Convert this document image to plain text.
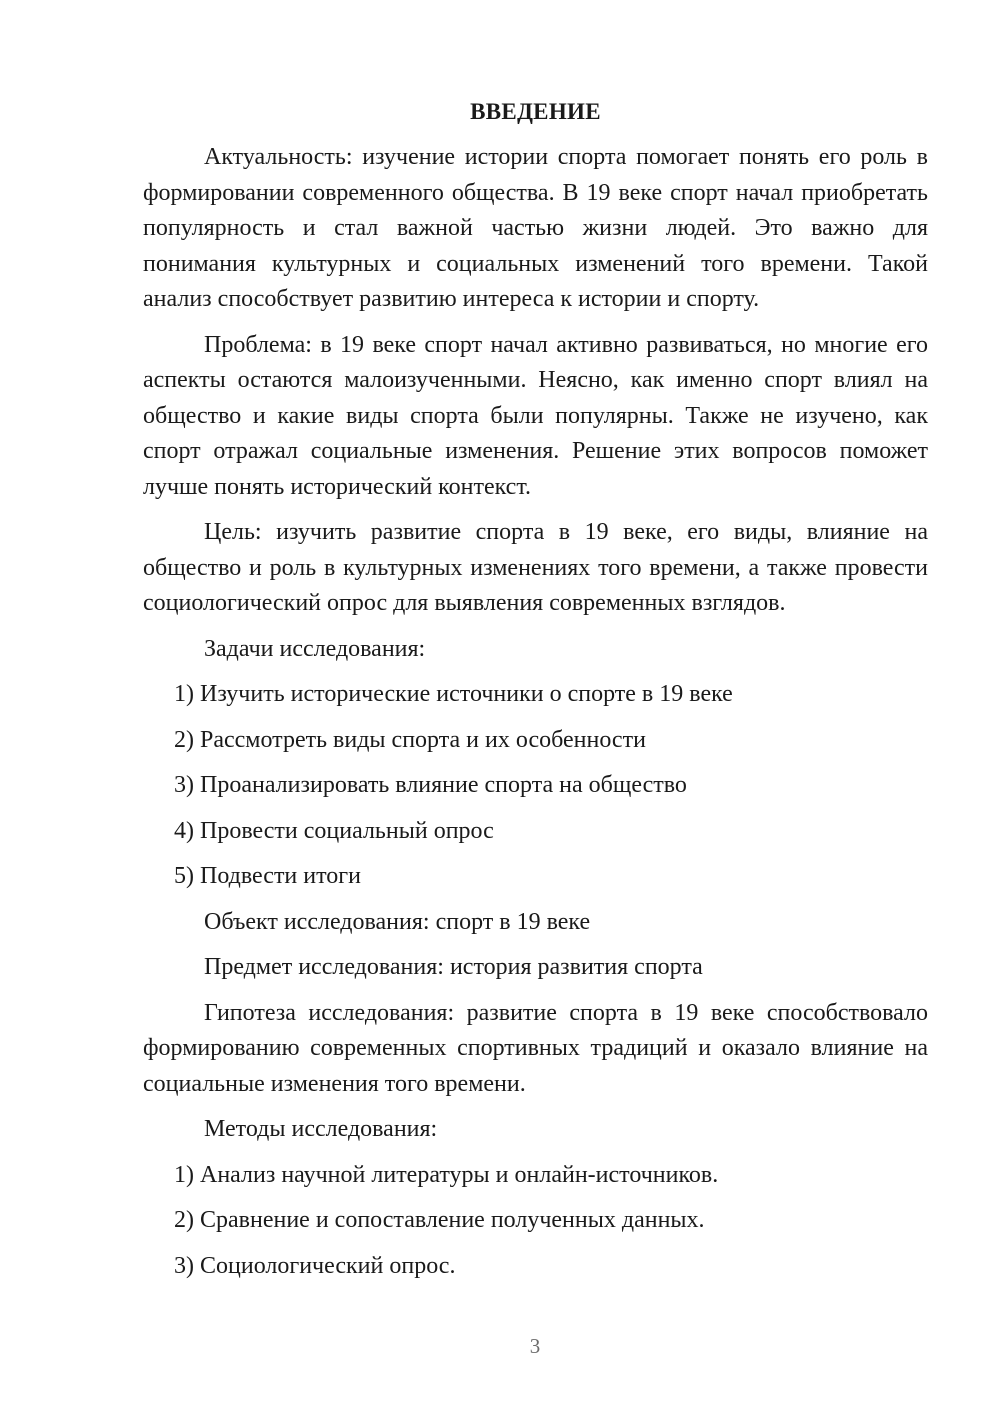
ВВЕДЕНИЕ

Актуальность: изучение истории спорта помогает понять его роль в формировании современного общества. В 19 веке спорт начал приобретать популярность и стал важной частью жизни людей. Это важно для понимания культурных и социальных изменений того времени. Такой анализ способствует развитию интереса к истории и спорту.

Проблема: в 19 веке спорт начал активно развиваться, но многие его аспекты остаются малоизученными. Неясно, как именно спорт влиял на общество и какие виды спорта были популярны. Также не изучено, как спорт отражал социальные изменения. Решение этих вопросов поможет лучше понять исторический контекст.

Цель: изучить развитие спорта в 19 веке, его виды, влияние на общество и роль в культурных изменениях того времени, а также провести социологический опрос для выявления современных взглядов.

Задачи исследования:

1) Изучить исторические источники о спорте в 19 веке

2) Рассмотреть виды спорта и их особенности

3) Проанализировать влияние спорта на общество

4) Провести социальный опрос

5) Подвести итоги

Объект исследования: спорт в 19 веке

Предмет исследования: история развития спорта

Гипотеза исследования: развитие спорта в 19 веке способствовало формированию современных спортивных традиций и оказало влияние на социальные изменения того времени.

Методы исследования:

1) Анализ научной литературы и онлайн-источников.

2) Сравнение и сопоставление полученных данных.

3) Социологический опрос.

3
